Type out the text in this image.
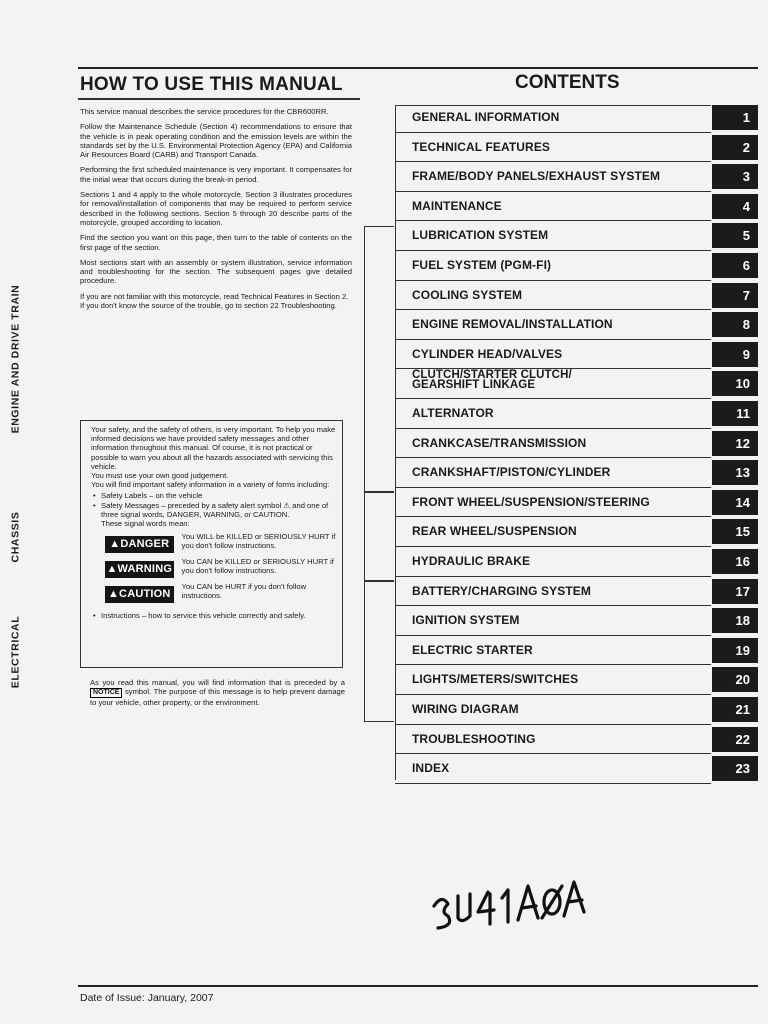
HOW TO USE THIS MANUAL	CONTENTS

This service manual describes the service procedures for the CBR600RR.

Follow the Maintenance Schedule (Section 4) recommendations to ensure that the vehicle is in peak operating condition and the emission levels are within the standards set by the U.S. Environmental Protection Agency (EPA) and California Air Resources Board (CARB) and Transport Canada.

Performing the first scheduled maintenance is very important. It compensates for the initial wear that occurs during the break-in period.

Sections 1 and 4 apply to the whole motorcycle. Section 3 illustrates procedures for removal/installation of components that may be required to perform service described in the following sections. Section 5 through 20 describe parts of the motorcycle, grouped according to location.

Find the section you want on this page, then turn to the table of contents on the first page of the section.

Most sections start with an assembly or system illustration, service information and troubleshooting for the section. The subsequent pages give detailed procedure.

If you are not familiar with this motorcycle, read Technical Features in Section 2.

If you don't know the source of the trouble, go to section 22 Troubleshooting.

Your safety, and the safety of others, is very important. To help you make informed decisions we have provided safety messages and other information throughout this manual. Of course, it is not practical or possible to warn you about all the hazards associated with servicing this vehicle.

You must use your own good judgement.

You will find important safety information in a variety of forms including:

• Safety Labels – on the vehicle
• Safety Messages – preceded by a safety alert symbol ⚠ and one of three signal words, DANGER, WARNING, or CAUTION.

These signal words mean:

▲DANGER
You WILL be KILLED or SERIOUSLY HURT if you don't follow instructions.
▲WARNING
You CAN be KILLED or SERIOUSLY HURT if you don't follow instructions.
▲CAUTION
You CAN be HURT if you don't follow instructions.
• Instructions – how to service this vehicle correctly and safely.
As you read this manual, you will find information that is preceded by a NOTICE symbol. The purpose of this message is to help prevent damage to your vehicle, other property, or the environment.
ENGINE AND DRIVE TRAIN
CHASSIS
ELECTRICAL
GENERAL INFORMATION	1
TECHNICAL FEATURES	2
FRAME/BODY PANELS/EXHAUST SYSTEM	3
MAINTENANCE	4
LUBRICATION SYSTEM	5
FUEL SYSTEM (PGM-FI)	6
COOLING SYSTEM	7
ENGINE REMOVAL/INSTALLATION	8
CYLINDER HEAD/VALVES	9
CLUTCH/STARTER CLUTCH/
GEARSHIFT LINKAGE	10
ALTERNATOR	11
CRANKCASE/TRANSMISSION	12
CRANKSHAFT/PISTON/CYLINDER	13
FRONT WHEEL/SUSPENSION/STEERING	14
REAR WHEEL/SUSPENSION	15
HYDRAULIC BRAKE	16
BATTERY/CHARGING SYSTEM	17
IGNITION SYSTEM	18
ELECTRIC STARTER	19
LIGHTS/METERS/SWITCHES	20
WIRING DIAGRAM	21
TROUBLESHOOTING	22
INDEX	23
Date of Issue: January, 2007
